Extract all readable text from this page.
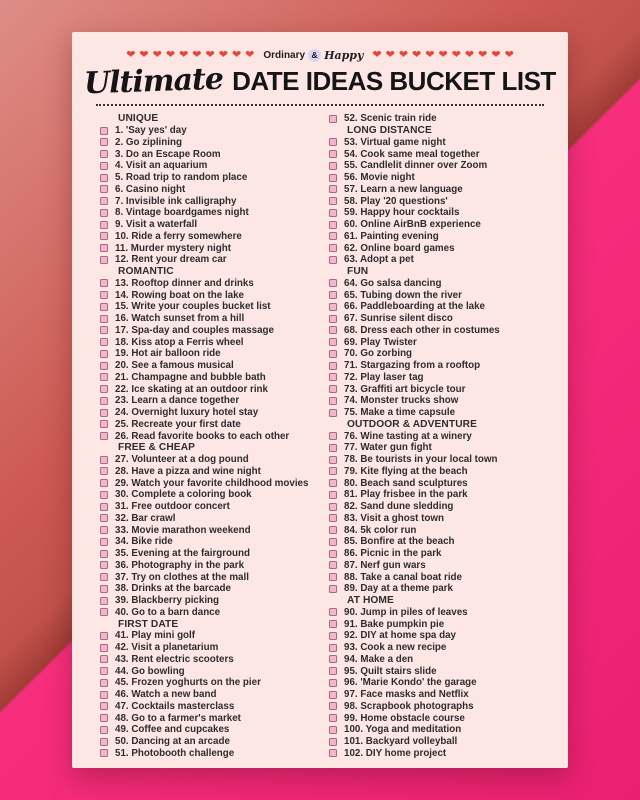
❤ ❤ ❤ ❤ ❤ ❤ ❤ ❤ ❤ ❤ Ordinary & Happy ❤ ❤ ❤ ❤ ❤ ❤ ❤ ❤ ❤ ❤ ❤
Ultimate DATE IDEAS BUCKET LIST
UNIQUE
1. 'Say yes' day
2. Go ziplining
3. Do an Escape Room
4. Visit an aquarium
5. Road trip to random place
6. Casino night
7. Invisible ink calligraphy
8. Vintage boardgames night
9. Visit a waterfall
10. Ride a ferry somewhere
11. Murder mystery night
12. Rent your dream car
ROMANTIC
13. Rooftop dinner and drinks
14. Rowing boat on the lake
15. Write your couples bucket list
16. Watch sunset from a hill
17. Spa-day and couples massage
18. Kiss atop a Ferris wheel
19. Hot air balloon ride
20. See a famous musical
21. Champagne and bubble bath
22. Ice skating at an outdoor rink
23. Learn a dance together
24. Overnight luxury hotel stay
25. Recreate your first date
26. Read favorite books to each other
FREE & CHEAP
27. Volunteer at a dog pound
28. Have a pizza and wine night
29. Watch your favorite childhood movies
30. Complete a coloring book
31. Free outdoor concert
32. Bar crawl
33. Movie marathon weekend
34. Bike ride
35. Evening at the fairground
36. Photography in the park
37. Try on clothes at the mall
38. Drinks at the barcade
39. Blackberry picking
40. Go to a barn dance
FIRST DATE
41. Play mini golf
42. Visit a planetarium
43. Rent electric scooters
44. Go bowling
45. Frozen yoghurts on the pier
46. Watch a new band
47. Cocktails masterclass
48. Go to a farmer's market
49. Coffee and cupcakes
50. Dancing at an arcade
51. Photobooth challenge
52. Scenic train ride
LONG DISTANCE
53. Virtual game night
54. Cook same meal together
55. Candlelit dinner over Zoom
56. Movie night
57. Learn a new language
58. Play '20 questions'
59. Happy hour cocktails
60. Online AirBnB experience
61. Painting evening
62. Online board games
63. Adopt a pet
FUN
64. Go salsa dancing
65. Tubing down the river
66. Paddleboarding at the lake
67. Sunrise silent disco
68. Dress each other in costumes
69. Play Twister
70. Go zorbing
71. Stargazing from a rooftop
72. Play laser tag
73. Graffiti art bicycle tour
74. Monster trucks show
75. Make a time capsule
OUTDOOR & ADVENTURE
76. Wine tasting at a winery
77. Water gun fight
78. Be tourists in your local town
79. Kite flying at the beach
80. Beach sand sculptures
81. Play frisbee in the park
82. Sand dune sledding
83. Visit a ghost town
84. 5k color run
85. Bonfire at the beach
86. Picnic in the park
87. Nerf gun wars
88. Take a canal boat ride
89. Day at a theme park
AT HOME
90. Jump in piles of leaves
91. Bake pumpkin pie
92. DIY at home spa day
93. Cook a new recipe
94. Make a den
95. Quilt stairs slide
96. 'Marie Kondo' the garage
97. Face masks and Netflix
98. Scrapbook photographs
99. Home obstacle course
100. Yoga and meditation
101. Backyard volleyball
102. DIY home project
